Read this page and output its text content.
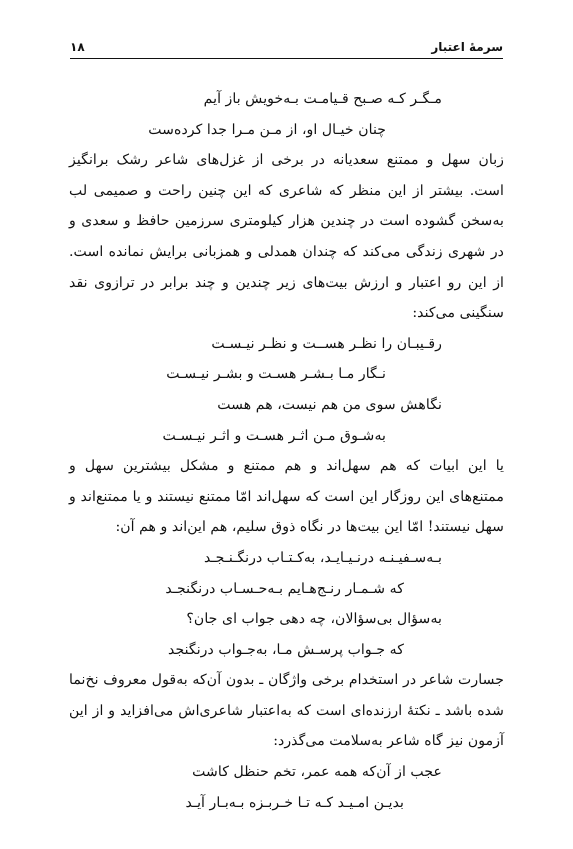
سرمهٔ اعتبار
۱۸
مـگـر کـه صـبح قـیامـت بـه‌خویش باز آیم
چنان خیـال او، از مـن مـرا جدا کرده‌ست

زبان سهل و ممتنع سعدیانه در برخی از غزل‌های شاعر رشک برانگیز است. بیشتر از این منظر که شاعری که این چنین راحت و صمیمی لب به‌سخن گشوده است در چندین هزار کیلومتری سرزمین حافظ و سعدی و در شهری زندگی می‌کند که چندان همدلی و همزبانی برایش نمانده است. از این رو اعتبار و ارزش بیت‌های زیر چندین و چند برابر در ترازوی نقد سنگینی می‌کند:

رقـیبـان را نظـر هســت و نظـر نیـسـت
نـگار مـا بـشـر هسـت و بشـر نیـسـت
نگاهش سوی من هم نیست، هم هست
به‌شـوق مـن اثـر هسـت و اثـر نیـسـت

یا این ابیات که هم سهل‌اند و هم ممتنع و مشکل بیشترین سهل و ممتنع‌های این روزگار این است که سهل‌اند امّا ممتنع نیستند و یا ممتنع‌اند و سهل نیستند! امّا این بیت‌ها در نگاه ذوق سلیم، هم این‌اند و هم آن:

بـه‌سـفیـنـه درنـیـایـد، به‌کـتـاب درنگـنـجـد
که شـمـار رنـج‌هـایم بـه‌حـسـاب درنگنجـد
به‌سؤال بی‌سؤالان، چه دهی جواب ای جان؟
که جـواب پرسـش مـا، به‌جـواب درنگنجد

جسارت شاعر در استخدام برخی واژگان ـ بدون آن‌که به‌قول معروف نخ‌نما شده باشد ـ نکتهٔ ارزنده‌ای است که به‌اعتبار شاعری‌اش می‌افزاید و از این آزمون نیز گاه شاعر به‌سلامت می‌گذرد:

عجب از آن‌که همه عمر، تخم حنظل کاشت
بدیـن امـیـد کـه تـا خـربـزه بـه‌بـار آیـد
